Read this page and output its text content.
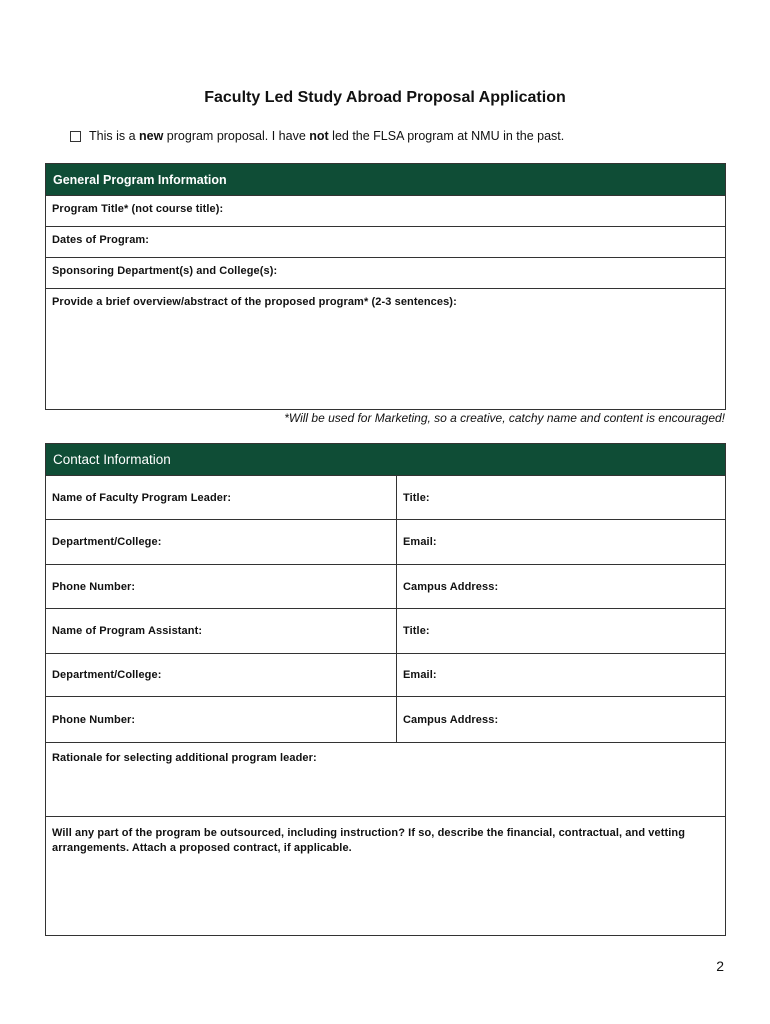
Faculty Led Study Abroad Proposal Application
This is a new program proposal. I have not led the FLSA program at NMU in the past.
General Program Information
Program Title* (not course title):
Dates of Program:
Sponsoring Department(s) and College(s):
Provide a brief overview/abstract of the proposed program* (2-3 sentences):
*Will be used for Marketing, so a creative, catchy name and content is encouraged!
Contact Information
Name of Faculty Program Leader:	Title:
Department/College:	Email:
Phone Number:	Campus Address:
Name of Program Assistant:	Title:
Department/College:	Email:
Phone Number:	Campus Address:
Rationale for selecting additional program leader:
Will any part of the program be outsourced, including instruction? If so, describe the financial, contractual, and vetting arrangements. Attach a proposed contract, if applicable.
2
